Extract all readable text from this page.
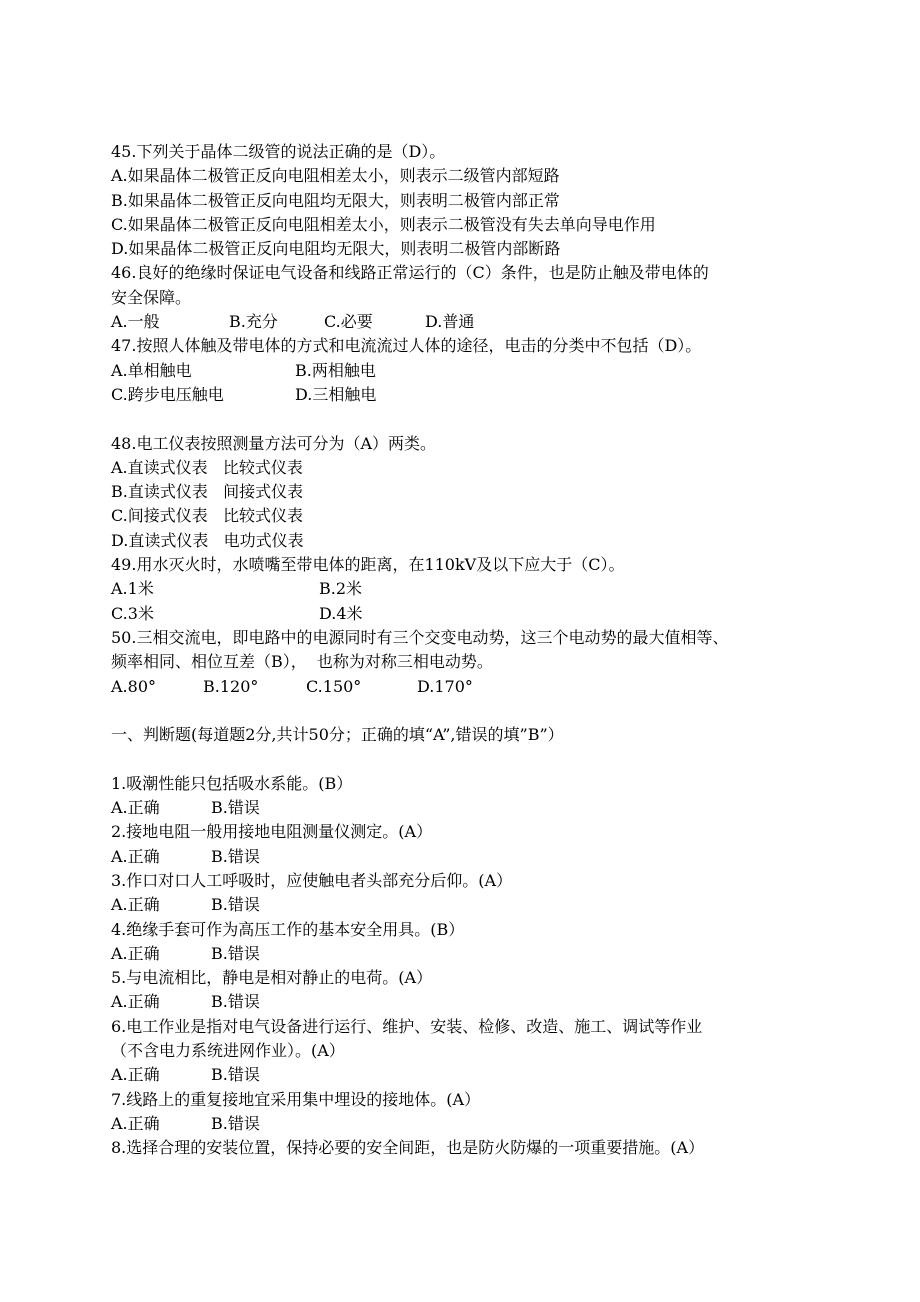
45.下列关于晶体二级管的说法正确的是（D）。
A.如果晶体二极管正反向电阻相差太小，则表示二级管内部短路
B.如果晶体二极管正反向电阻均无限大，则表明二极管内部正常
C.如果晶体二极管正反向电阻相差太小，则表示二极管没有失去单向导电作用
D.如果晶体二极管正反向电阻均无限大，则表明二极管内部断路
46.良好的绝缘时保证电气设备和线路正常运行的（C）条件，也是防止触及带电体的
安全保障。
A.一般	B.充分	C.必要	D.普通
47.按照人体触及带电体的方式和电流流过人体的途径，电击的分类中不包括（D）。
A.单相触电	B.两相触电
C.跨步电压触电	D.三相触电
48.电工仪表按照测量方法可分为（A）两类。
A.直读式仪表   比较式仪表
B.直读式仪表   间接式仪表
C.间接式仪表   比较式仪表
D.直读式仪表   电功式仪表
49.用水灭火时，水喷嘴至带电体的距离，在110kV及以下应大于（C）。
A.1米	B.2米
C.3米	D.4米
50.三相交流电，即电路中的电源同时有三个交变电动势，这三个电动势的最大值相等、
频率相同、相位互差（B），  也称为对称三相电动势。
A.80°	B.120°	C.150°	D.170°
一、判断题(每道题2分,共计50分；正确的填“A”,错误的填”B”）
1.吸潮性能只包括吸水系能。(B）
A.正确	B.错误
2.接地电阻一般用接地电阻测量仪测定。(A）
A.正确	B.错误
3.作口对口人工呼吸时，应使触电者头部充分后仰。(A）
A.正确	B.错误
4.绝缘手套可作为高压工作的基本安全用具。(B）
A.正确	B.错误
5.与电流相比，静电是相对静止的电荷。(A）
A.正确	B.错误
6.电工作业是指对电气设备进行运行、维护、安装、检修、改造、施工、调试等作业
（不含电力系统进网作业）。(A）
A.正确	B.错误
7.线路上的重复接地宜采用集中埋设的接地体。(A）
A.正确	B.错误
8.选择合理的安装位置，保持必要的安全间距，也是防火防爆的一项重要措施。(A）
